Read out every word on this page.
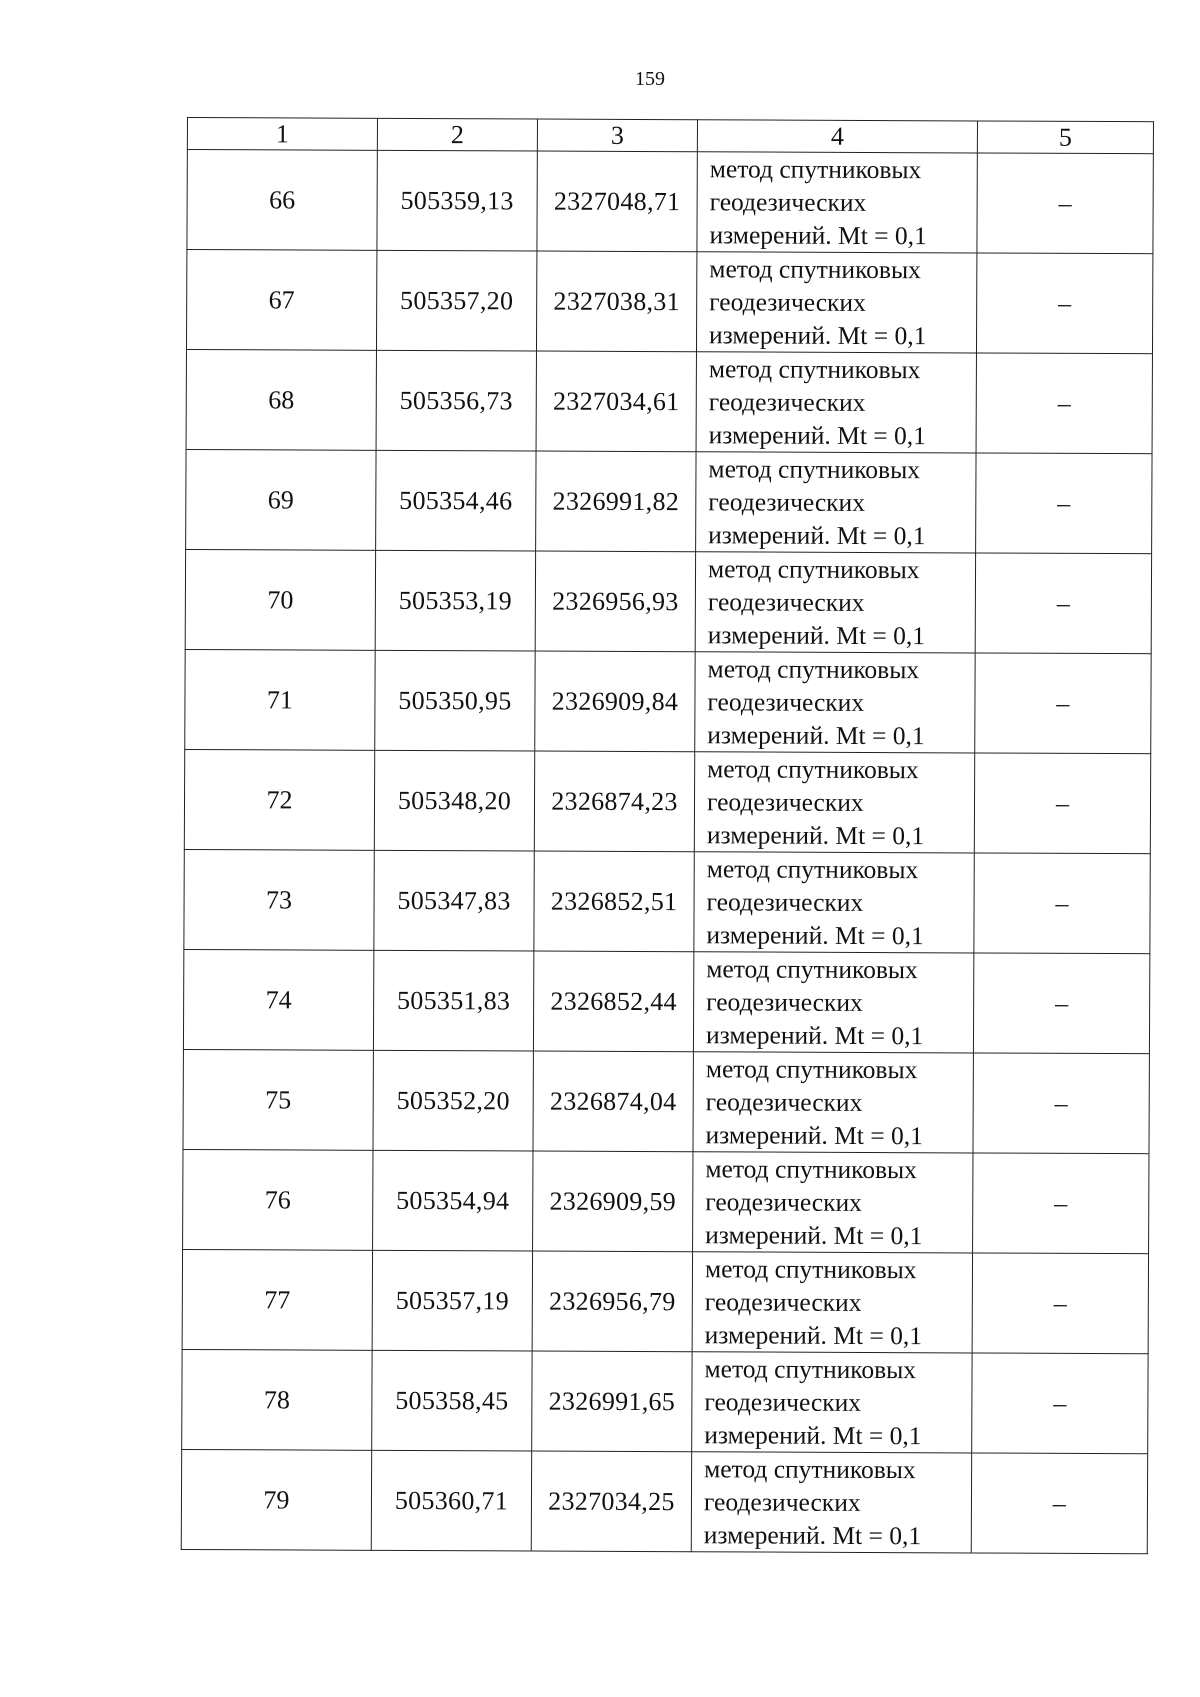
159
1	2	3	4	5
66	505359,13	2327048,71	метод спутниковых
геодезических
измерений. Mt = 0,1	–
67	505357,20	2327038,31	метод спутниковых
геодезических
измерений. Mt = 0,1	–
68	505356,73	2327034,61	метод спутниковых
геодезических
измерений. Mt = 0,1	–
69	505354,46	2326991,82	метод спутниковых
геодезических
измерений. Mt = 0,1	–
70	505353,19	2326956,93	метод спутниковых
геодезических
измерений. Mt = 0,1	–
71	505350,95	2326909,84	метод спутниковых
геодезических
измерений. Mt = 0,1	–
72	505348,20	2326874,23	метод спутниковых
геодезических
измерений. Mt = 0,1	–
73	505347,83	2326852,51	метод спутниковых
геодезических
измерений. Mt = 0,1	–
74	505351,83	2326852,44	метод спутниковых
геодезических
измерений. Mt = 0,1	–
75	505352,20	2326874,04	метод спутниковых
геодезических
измерений. Mt = 0,1	–
76	505354,94	2326909,59	метод спутниковых
геодезических
измерений. Mt = 0,1	–
77	505357,19	2326956,79	метод спутниковых
геодезических
измерений. Mt = 0,1	–
78	505358,45	2326991,65	метод спутниковых
геодезических
измерений. Mt = 0,1	–
79	505360,71	2327034,25	метод спутниковых
геодезических
измерений. Mt = 0,1	–
